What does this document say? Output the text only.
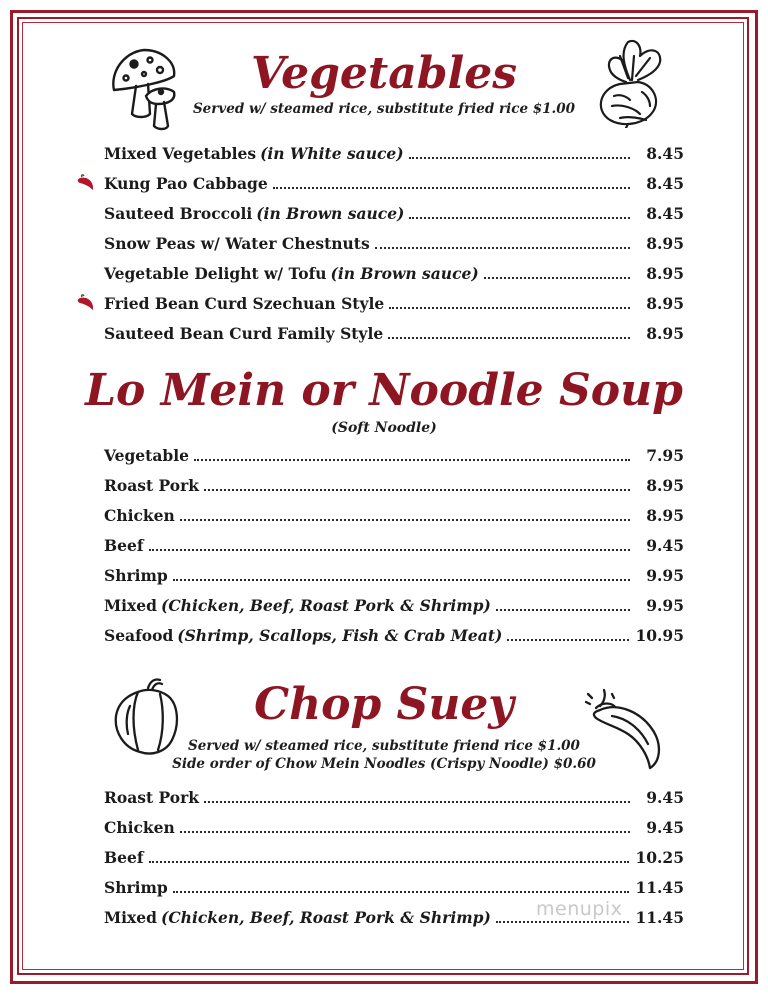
Vegetables

Served w/ steamed rice, substitute fried rice $1.00

Mixed Vegetables (in White sauce)	8.45
Kung Pao Cabbage	8.45
Sauteed Broccoli (in Brown sauce)	8.45
Snow Peas w/ Water Chestnuts	8.95
Vegetable Delight w/ Tofu (in Brown sauce)	8.95
Fried Bean Curd Szechuan Style	8.95
Sauteed Bean Curd Family Style	8.95
Lo Mein or Noodle Soup

(Soft Noodle)

Vegetable	7.95
Roast Pork	8.95
Chicken	8.95
Beef	9.45
Shrimp	9.95
Mixed (Chicken, Beef, Roast Pork & Shrimp)	9.95
Seafood (Shrimp, Scallops, Fish & Crab Meat)	10.95
Chop Suey

Served w/ steamed rice, substitute friend rice $1.00

Side order of Chow Mein Noodles (Crispy Noodle) $0.60

Roast Pork	9.45
Chicken	9.45
Beef	10.25
Shrimp	11.45
Mixed (Chicken, Beef, Roast Pork & Shrimp)	11.45
menupix
